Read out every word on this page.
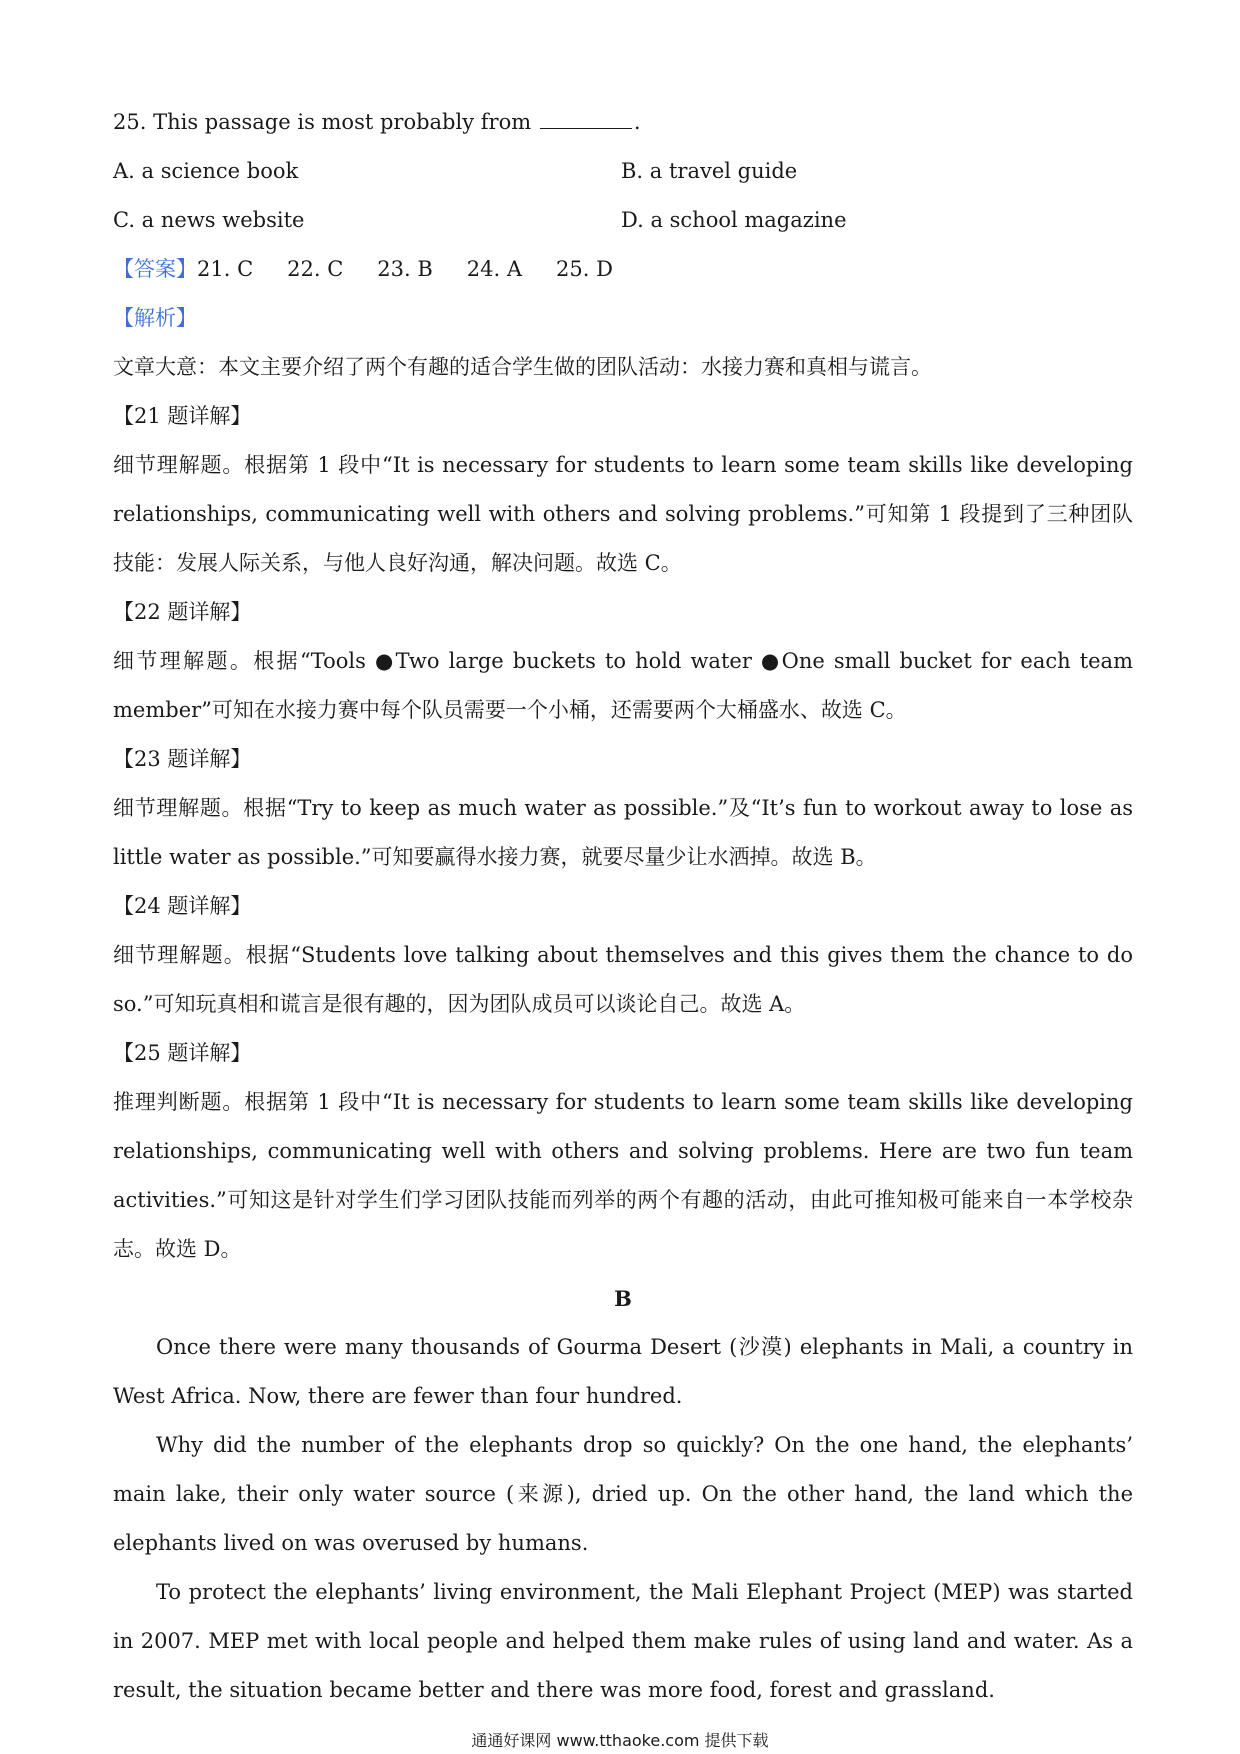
25. This passage is most probably from	.
A. a science book	B. a travel guide
C. a news website	D. a school magazine
【答案】21. C 22. C 23. B 24. A 25. D
【解析】

文章大意：本文主要介绍了两个有趣的适合学生做的团队活动：水接力赛和真相与谎言。

【21 题详解】

细节理解题。根据第 1 段中“It is necessary for students to learn some team skills like developing relationships, communicating well with others and solving problems.”可知第 1 段提到了三种团队技能：发展人际关系，与他人良好沟通，解决问题。故选 C。

【22 题详解】

细节理解题。根据“Tools ●Two large buckets to hold water ●One small bucket for each team member”可知在水接力赛中每个队员需要一个小桶，还需要两个大桶盛水、故选 C。

【23 题详解】

细节理解题。根据“Try to keep as much water as possible.”及“It’s fun to workout away to lose as little water as possible.”可知要赢得水接力赛，就要尽量少让水洒掉。故选 B。

【24 题详解】

细节理解题。根据“Students love talking about themselves and this gives them the chance to do so.”可知玩真相和谎言是很有趣的，因为团队成员可以谈论自己。故选 A。

【25 题详解】

推理判断题。根据第 1 段中“It is necessary for students to learn some team skills like developing relationships, communicating well with others and solving problems. Here are two fun team activities.”可知这是针对学生们学习团队技能而列举的两个有趣的活动，由此可推知极可能来自一本学校杂志。故选 D。

B

Once there were many thousands of Gourma Desert (沙漠) elephants in Mali, a country in West Africa. Now, there are fewer than four hundred.

Why did the number of the elephants drop so quickly? On the one hand, the elephants’ main lake, their only water source (来源), dried up. On the other hand, the land which the elephants lived on was overused by humans.

To protect the elephants’ living environment, the Mali Elephant Project (MEP) was started in 2007. MEP met with local people and helped them make rules of using land and water. As a result, the situation became better and there was more food, forest and grassland.

通通好课网 www.tthaoke.com 提供下载
